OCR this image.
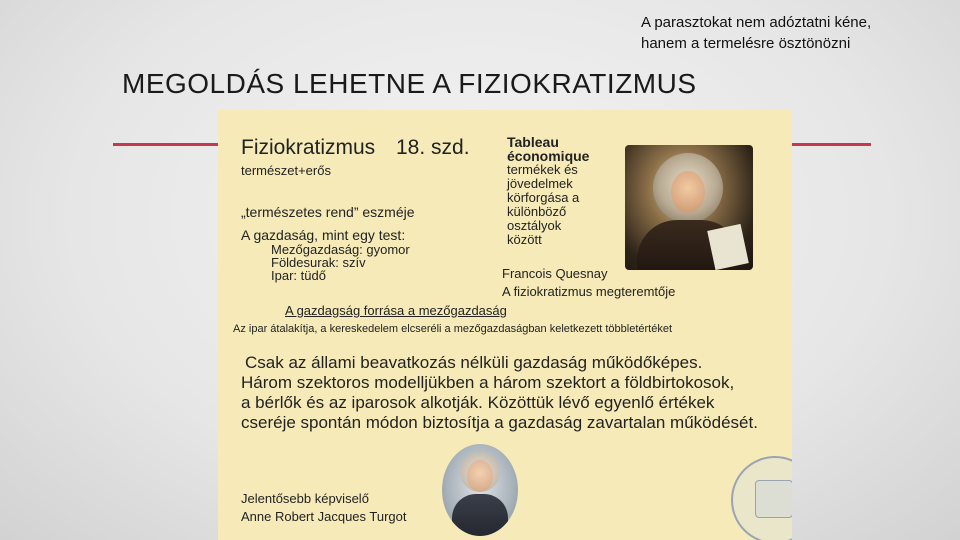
A parasztokat nem adóztatni kéne,
hanem a termelésre ösztönözni
MEGOLDÁS LEHETNE A FIZIOKRATIZMUS
Fiziokratizmus 18. szd.
természet+erős
„természetes rend” eszméje
A gazdaság, mint egy test:
Mezőgazdaság: gyomor
Földesurak: szív
Ipar: tüdő
Tableau
économique
termékek és
jövedelmek
körforgása a
különböző
osztályok
között
Francois Quesnay
A fiziokratizmus megteremtője
A gazdagság forrása a mezőgazdaság
Az ipar átalakítja, a kereskedelem elcseréli a mezőgazdaságban keletkezett többletértéket
Csak az állami beavatkozás nélküli gazdaság működőképes.
Három szektoros modelljükben a három szektort a földbirtokosok,
a bérlők és az iparosok alkotják. Közöttük lévő egyenlő értékek
cseréje spontán módon biztosítja a gazdaság zavartalan működését.
Jelentősebb képviselő
Anne Robert Jacques Turgot
